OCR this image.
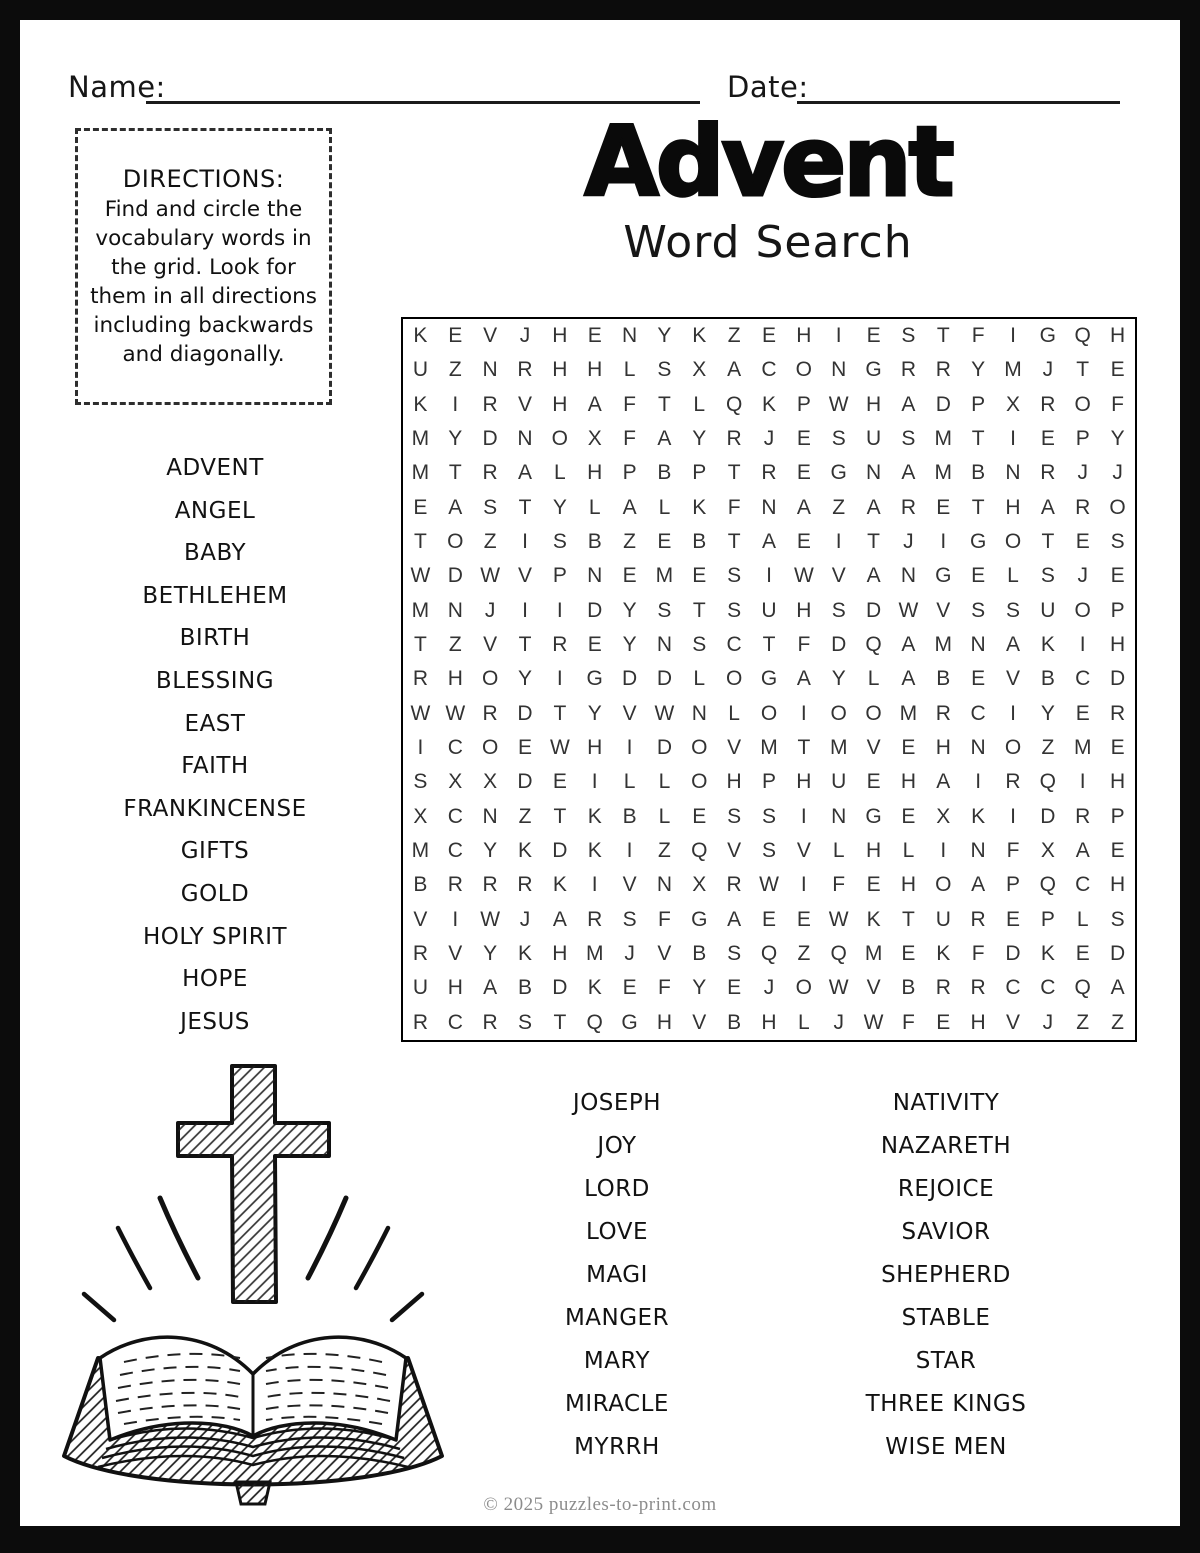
Name:	Date:
DIRECTIONS:
Find and circle the vocabulary words in the grid. Look for them in all directions including backwards and diagonally.
Advent
Word Search
K E V	J	H E N Y K	Z	E H	I	E S	T	F	I	G Q H
U Z N R H H	L	S X A C O N G R R Y M J	T	E
K	I	R V H A	F	T	L Q K P W H A D P X R O F
M Y D N O X	F	A Y R	J	E S U S M T	I	E P Y
M T R A	L	H P B P	T R E G N A M B N R	J	J
E A S	T	Y	L	A	L	K	F N A	Z	A R E	T H A R O
T O Z	I	S B	Z	E B	T	A E	I	T	J	I	G O T	E S
W D W V P N E M E S	I	W V A N G E	L	S	J	E
M N	J	I	I	D Y S	T	S U H S D W V S S U O P
T	Z	V	T R E Y N S C T	F D Q A M N A K	I	H
R H O Y	I	G D D	L O G A Y	L	A B E V B C D
W W R D T	Y V W N	L O	I	O O M R C	I	Y E R
I	C O E W H	I	D O V M T M V E H N O Z M E
S X X D E	I	L	L O H P H U E H A	I	R Q	I	H
X C N Z	T	K B	L	E S S	I	N G E X K	I	D R P
M C Y K D K	I	Z Q V S V	L	H	L	I	N F	X A E
B R R R K	I	V N X R W	I	F	E H O A P Q C H
V	I	W J	A R S	F G A E E W K	T U R E P	L	S
R V Y K H M J	V B S Q Z Q M E K	F D K E D
U H A B D K E	F	Y E	J	O W V B R R C C Q A
R C R S	T Q G H V B H	L	J W F	E H V	J	Z	Z
ADVENT
ANGEL
BABY
BETHLEHEM
BIRTH
BLESSING
EAST
FAITH
FRANKINCENSE
GIFTS
GOLD
HOLY SPIRIT
HOPE
JESUS
JOSEPH
JOY
LORD
LOVE
MAGI
MANGER
MARY
MIRACLE
MYRRH
NATIVITY
NAZARETH
REJOICE
SAVIOR
SHEPHERD
STABLE
STAR
THREE KINGS
WISE MEN
© 2025 puzzles-to-print.com
